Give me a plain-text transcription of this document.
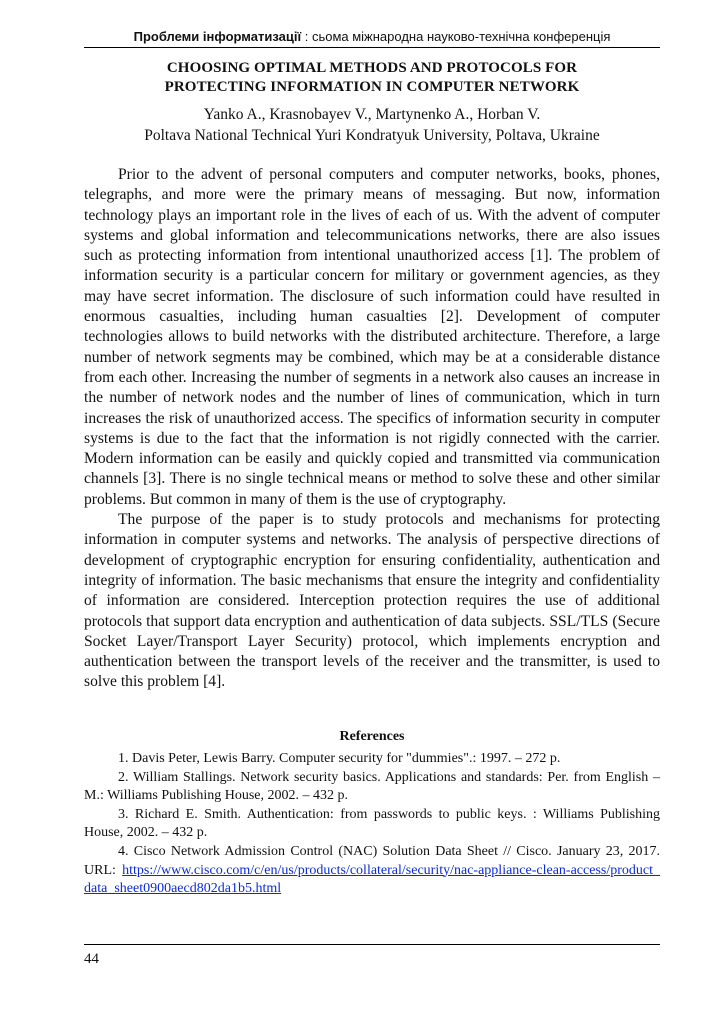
Проблеми інформатизації : сьома міжнародна науково-технічна конференція
CHOOSING OPTIMAL METHODS AND PROTOCOLS FOR
PROTECTING INFORMATION IN COMPUTER NETWORK
Yanko A., Krasnobayev V., Martynenko A., Horban V.
Poltava National Technical Yuri Kondratyuk University, Poltava, Ukraine

Prior to the advent of personal computers and computer networks, books, phones, telegraphs, and more were the primary means of messaging. But now, information technology plays an important role in the lives of each of us. With the advent of computer systems and global information and telecommunications networks, there are also issues such as protecting information from intentional unauthorized access [1]. The problem of information security is a particular concern for military or government agencies, as they may have secret information. The disclosure of such information could have resulted in enormous casualties, including human casualties [2]. Development of computer technologies allows to build networks with the distributed architecture. Therefore, a large number of network segments may be combined, which may be at a considerable distance from each other. Increasing the number of segments in a network also causes an increase in the number of network nodes and the number of lines of communication, which in turn increases the risk of unauthorized access. The specifics of information security in computer systems is due to the fact that the information is not rigidly connected with the carrier. Modern information can be easily and quickly copied and transmitted via communication channels [3]. There is no single technical means or method to solve these and other similar problems. But common in many of them is the use of cryptography.

The purpose of the paper is to study protocols and mechanisms for protecting information in computer systems and networks. The analysis of perspective directions of development of cryptographic encryption for ensuring confidentiality, authentication and integrity of information. The basic mechanisms that ensure the integrity and confidentiality of information are considered. Interception protection requires the use of additional protocols that support data encryption and authentication of data subjects. SSL/TLS (Secure Socket Layer/Transport Layer Security) protocol, which implements encryption and authentication between the transport levels of the receiver and the transmitter, is used to solve this problem [4].

References

1. Davis Peter, Lewis Barry. Computer security for "dummies".: 1997. – 272 p.

2. William Stallings. Network security basics. Applications and standards: Per. from English – M.: Williams Publishing House, 2002. – 432 p.

3. Richard E. Smith. Authentication: from passwords to public keys. : Williams Publishing House, 2002. – 432 p.

4. Cisco Network Admission Control (NAC) Solution Data Sheet // Cisco. January 23, 2017. URL: https://www.cisco.com/c/en/us/products/collateral/security/nac-appliance-clean-access/product_data_sheet0900aecd802da1b5.html

44
